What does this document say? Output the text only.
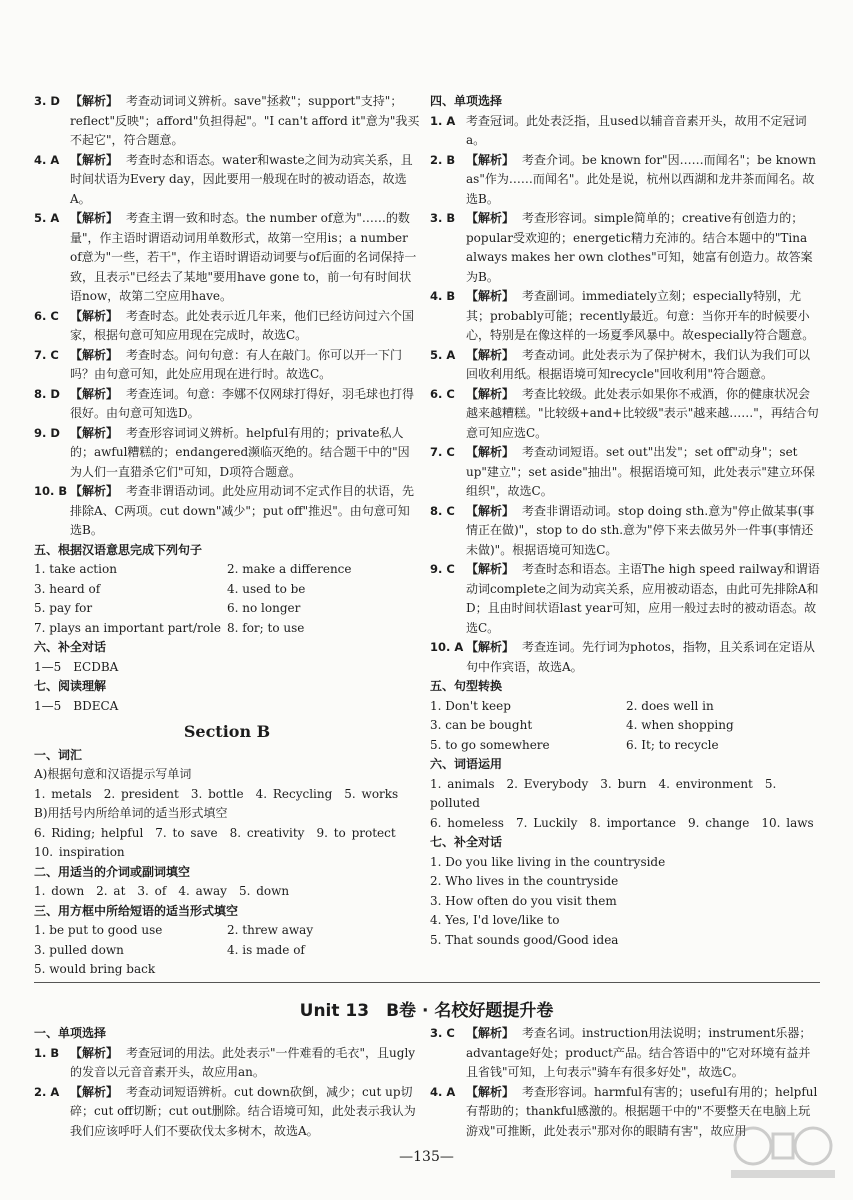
3. D 【解析】 考查动词词义辨析。save"拯救"；support"支持"；reflect"反映"；afford"负担得起"。"I can't afford it"意为"我买不起它"，符合题意。
4. A 【解析】 考查时态和语态。water和waste之间为动宾关系，且时间状语为Every day，因此要用一般现在时的被动语态，故选A。
5. A 【解析】 考查主谓一致和时态。the number of意为"……的数量"，作主语时谓语动词用单数形式，故第一空用is；a number of意为"一些，若干"，作主语时谓语动词要与of后面的名词保持一致，且表示"已经去了某地"要用have gone to，前一句有时间状语now，故第二空应用have。
6. C 【解析】 考查时态。此处表示近几年来，他们已经访问过六个国家，根据句意可知应用现在完成时，故选C。
7. C 【解析】 考查时态。问句句意：有人在敲门。你可以开一下门吗？由句意可知，此处应用现在进行时。故选C。
8. D 【解析】 考查连词。句意：李娜不仅网球打得好，羽毛球也打得很好。由句意可知选D。
9. D 【解析】 考查形容词词义辨析。helpful有用的；private私人的；awful糟糕的；endangered濒临灭绝的。结合题干中的"因为人们一直猎杀它们"可知，D项符合题意。
10. B 【解析】 考查非谓语动词。此处应用动词不定式作目的状语，先排除A、C两项。cut down"减少"；put off"推迟"。由句意可知选B。
五、根据汉语意思完成下列句子
1. take action	2. make a difference
3. heard of	4. used to be
5. pay for	6. no longer
7. plays an important part/role 8. for; to use
六、补全对话
1—5　ECDBA
七、阅读理解
1—5　BDECA
Section B
一、词汇
A)根据句意和汉语提示写单词
1. metals　2. president　3. bottle　4. Recycling　5. works
B)用括号内所给单词的适当形式填空
6. Riding; helpful　7. to save　8. creativity　9. to protect
10. inspiration
二、用适当的介词或副词填空
1. down　2. at　3. of　4. away　5. down
三、用方框中所给短语的适当形式填空
1. be put to good use	2. threw away
3. pulled down	4. is made of
5. would bring back
四、单项选择
1. A 考查冠词。此处表泛指，且used以辅音音素开头，故用不定冠词a。
2. B 【解析】 考查介词。be known for"因……而闻名"；be known as"作为……而闻名"。此处是说，杭州以西湖和龙井茶而闻名。故选B。
3. B 【解析】 考查形容词。simple简单的；creative有创造力的；popular受欢迎的；energetic精力充沛的。结合本题中的"Tina always makes her own clothes"可知，她富有创造力。故答案为B。
4. B 【解析】 考查副词。immediately立刻；especially特别，尤其；probably可能；recently最近。句意：当你开车的时候要小心，特别是在像这样的一场夏季风暴中。故especially符合题意。
5. A 【解析】 考查动词。此处表示为了保护树木，我们认为我们可以回收利用纸。根据语境可知recycle"回收利用"符合题意。
6. C 【解析】 考查比较级。此处表示如果你不戒酒，你的健康状况会越来越糟糕。"比较级+and+比较级"表示"越来越……"，再结合句意可知应选C。
7. C 【解析】 考查动词短语。set out"出发"；set off"动身"；set up"建立"；set aside"抽出"。根据语境可知，此处表示"建立环保组织"，故选C。
8. C 【解析】 考查非谓语动词。stop doing sth.意为"停止做某事(事情正在做)"，stop to do sth.意为"停下来去做另外一件事(事情还未做)"。根据语境可知选C。
9. C 【解析】 考查时态和语态。主语The high speed railway和谓语动词complete之间为动宾关系，应用被动语态，由此可先排除A和D；且由时间状语last year可知，应用一般过去时的被动语态。故选C。
10. A 【解析】 考查连词。先行词为photos，指物，且关系词在定语从句中作宾语，故选A。
五、句型转换
1. Don't keep	2. does well in
3. can be bought	4. when shopping
5. to go somewhere	6. It; to recycle
六、词语运用
1. animals　2. Everybody　3. burn　4. environment　5. polluted
6. homeless　7. Luckily　8. importance　9. change　10. laws
七、补全对话
1. Do you like living in the countryside
2. Who lives in the countryside
3. How often do you visit them
4. Yes, I'd love/like to
5. That sounds good/Good idea
Unit 13　B卷 · 名校好题提升卷
一、单项选择
1. B 【解析】 考查冠词的用法。此处表示"一件难看的毛衣"，且ugly的发音以元音音素开头，故应用an。
2. A 【解析】 考查动词短语辨析。cut down砍倒，减少；cut up切碎；cut off切断；cut out删除。结合语境可知，此处表示我认为我们应该呼吁人们不要砍伐太多树木，故选A。
3. C 【解析】 考查名词。instruction用法说明；instrument乐器；advantage好处；product产品。结合答语中的"它对环境有益并且省钱"可知，上句表示"骑车有很多好处"，故选C。
4. A 【解析】 考查形容词。harmful有害的；useful有用的；helpful有帮助的；thankful感激的。根据题干中的"不要整天在电脑上玩游戏"可推断，此处表示"那对你的眼睛有害"，故应用
—135—
